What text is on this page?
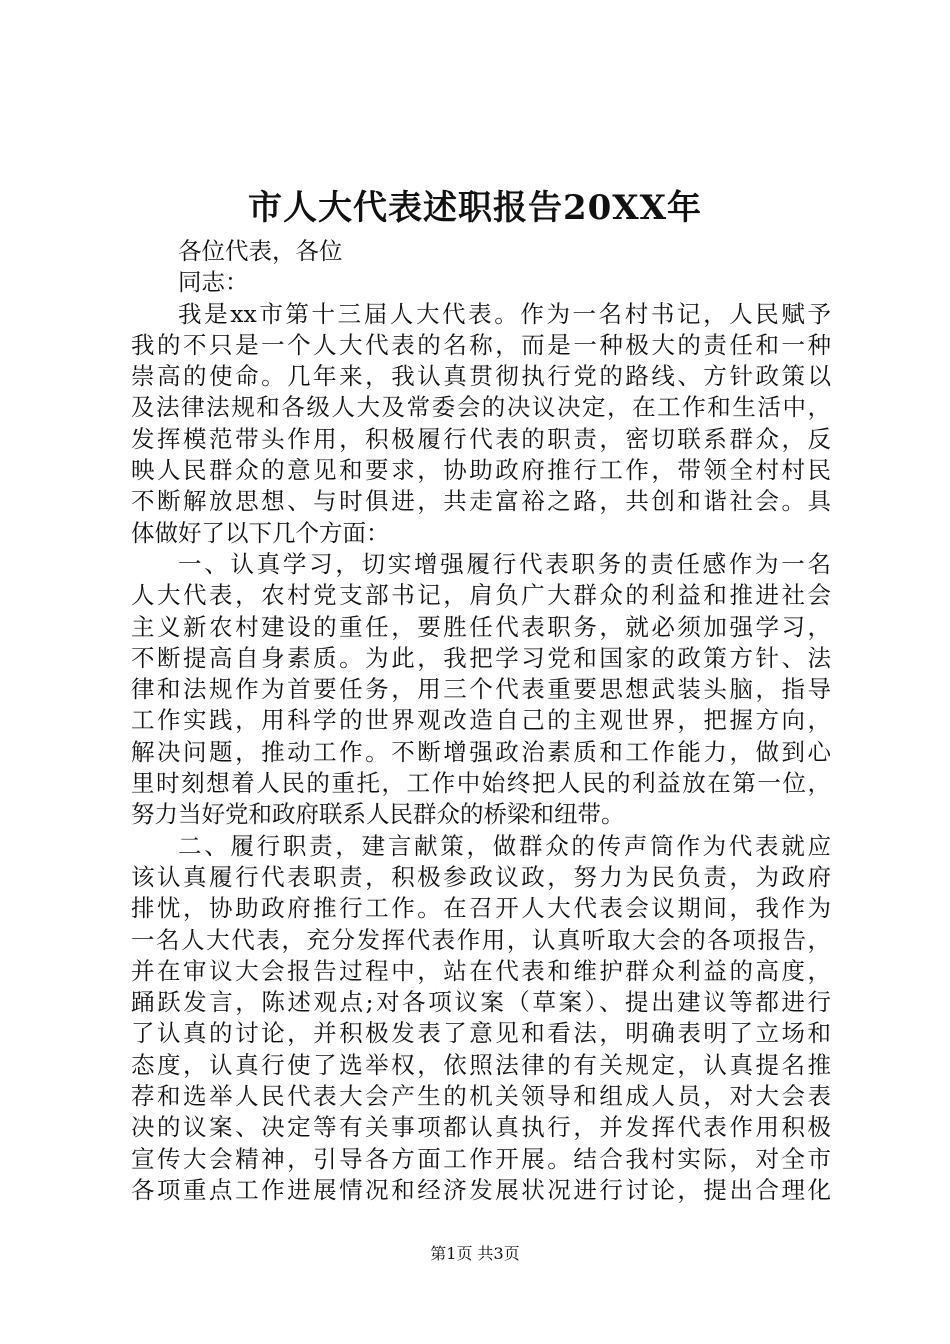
市人大代表述职报告20XX年
各位代表，各位
同志：
我是xx市第十三届人大代表。作为一名村书记，人民赋予
我的不只是一个人大代表的名称，而是一种极大的责任和一种
崇高的使命。几年来，我认真贯彻执行党的路线、方针政策以
及法律法规和各级人大及常委会的决议决定，在工作和生活中，
发挥模范带头作用，积极履行代表的职责，密切联系群众，反
映人民群众的意见和要求，协助政府推行工作，带领全村村民
不断解放思想、与时俱进，共走富裕之路，共创和谐社会。具
体做好了以下几个方面：
一、认真学习，切实增强履行代表职务的责任感作为一名
人大代表，农村党支部书记，肩负广大群众的利益和推进社会
主义新农村建设的重任，要胜任代表职务，就必须加强学习，
不断提高自身素质。为此，我把学习党和国家的政策方针、法
律和法规作为首要任务，用三个代表重要思想武装头脑，指导
工作实践，用科学的世界观改造自己的主观世界，把握方向，
解决问题，推动工作。不断增强政治素质和工作能力，做到心
里时刻想着人民的重托，工作中始终把人民的利益放在第一位，
努力当好党和政府联系人民群众的桥梁和纽带。
二、履行职责，建言献策，做群众的传声筒作为代表就应
该认真履行代表职责，积极参政议政，努力为民负责，为政府
排忧，协助政府推行工作。在召开人大代表会议期间，我作为
一名人大代表，充分发挥代表作用，认真听取大会的各项报告，
并在审议大会报告过程中，站在代表和维护群众利益的高度，
踊跃发言，陈述观点;对各项议案（草案）、提出建议等都进行
了认真的讨论，并积极发表了意见和看法，明确表明了立场和
态度，认真行使了选举权，依照法律的有关规定，认真提名推
荐和选举人民代表大会产生的机关领导和组成人员，对大会表
决的议案、决定等有关事项都认真执行，并发挥代表作用积极
宣传大会精神，引导各方面工作开展。结合我村实际，对全市
各项重点工作进展情况和经济发展状况进行讨论，提出合理化
第1页 共3页
